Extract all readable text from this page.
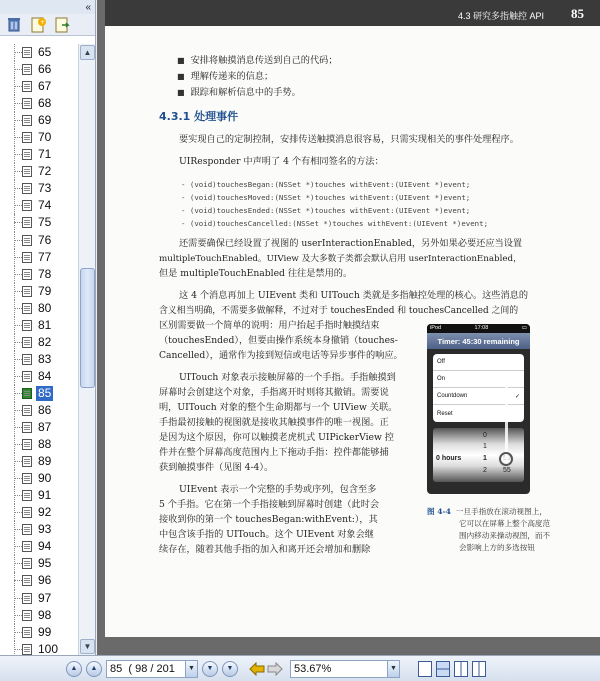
«
+
65
66
67
68
69
70
71
72
73
74
75
76
77
78
79
80
81
82
83
84
85
86
87
88
89
90
91
92
93
94
95
96
97
98
99
100
▲
▼
4.3 研究多指触控 API 85
■ 安排将触摸消息传送到自己的代码；
■ 理解传递来的信息；
■ 跟踪和解析信息中的手势。
4.3.1 处理事件
要实现自己的定制控制，安排传送触摸消息很容易，只需实现相关的事件处理程序。
UIResponder 中声明了 4 个有相同签名的方法：
- (void)touchesBegan:(NSSet *)touches withEvent:(UIEvent *)event;
- (void)touchesMoved:(NSSet *)touches withEvent:(UIEvent *)event;
- (void)touchesEnded:(NSSet *)touches withEvent:(UIEvent *)event;
- (void)touchesCancelled:(NSSet *)touches withEvent:(UIEvent *)event;
还需要确保已经设置了视图的 userInteractionEnabled，另外如果必要还应当设置
multipleTouchEnabled。UIView 及大多数子类都会默认启用 userInteractionEnabled，
但是 multipleTouchEnabled 往往是禁用的。
这 4 个消息再加上 UIEvent 类和 UITouch 类就是多指触控处理的核心。这些消息的
含义相当明确，不需要多做解释，不过对于 touchesEnded 和 touchesCancelled 之间的
区别需要做一个简单的说明：用户抬起手指时触摸结束
（touchesEnded），但要由操作系统本身撤销（touches-
Cancelled），通常作为接到短信或电话等异步事件的响应。
UITouch 对象表示接触屏幕的一个手指。手指触摸到
屏幕时会创建这个对象，手指离开时则将其撤销。需要说
明，UITouch 对象的整个生命期都与一个 UIView 关联。
手指最初接触的视图就是接收其触摸事件的唯一视图。正
是因为这个原因，你可以触摸老虎机式 UIPickerView 控
件并在整个屏幕高度范围内上下拖动手指：控件都能够捕
获到触摸事件（见图 4-4）。
UIEvent 表示一个完整的手势或序列，包含至多
5 个手指。它在第一个手指接触到屏幕时创建（此时会
接收到你的第一个 touchesBegan:withEvent:），其
中包含该手指的 UITouch。这个 UIEvent 对象会继
续存在，随着其他手指的加入和离开还会增加和删除
iPod	17:08	▭
Timer: 45:30 remaining
Off
On
Countdown	✓
Reset
0
1
0 hours	1
2 55
图 4-4 一旦手指放在滚动视图上，
它可以在屏幕上整个高度范
围内移动来操动视图，而不
会影响上方的多选按钮
▲	▲	85
( 98 / 201 ▼	▼	▼	53.67%	▼
